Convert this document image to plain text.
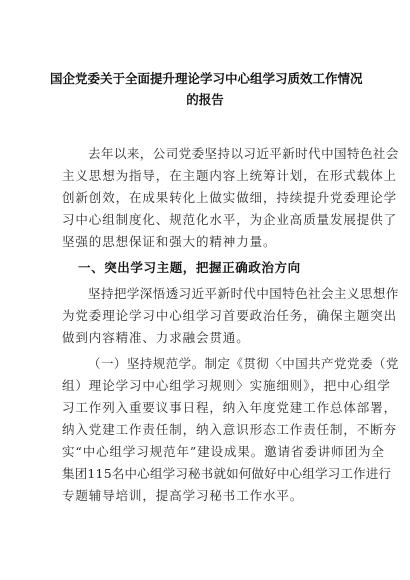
国企党委关于全面提升理论学习中心组学习质效工作情况
的报告

去年以来，公司党委坚持以习近平新时代中国特色社会

主义思想为指导，在主题内容上统筹计划，在形式载体上

创新创效，在成果转化上做实做细，持续提升党委理论学

习中心组制度化、规范化水平，为企业高质量发展提供了

坚强的思想保证和强大的精神力量。

一、突出学习主题，把握正确政治方向

坚持把学深悟透习近平新时代中国特色社会主义思想作

为党委理论学习中心组学习首要政治任务，确保主题突出

做到内容精准、力求融会贯通。

（一）坚持规范学。制定《贯彻〈中国共产党党委（党

组）理论学习中心组学习规则〉实施细则》，把中心组学

习工作列入重要议事日程，纳入年度党建工作总体部署，

纳入党建工作责任制，纳入意识形态工作责任制，不断夯

实“中心组学习规范年”建设成果。邀请省委讲师团为全

集团115名中心组学习秘书就如何做好中心组学习工作进行

专题辅导培训，提高学习秘书工作水平。
